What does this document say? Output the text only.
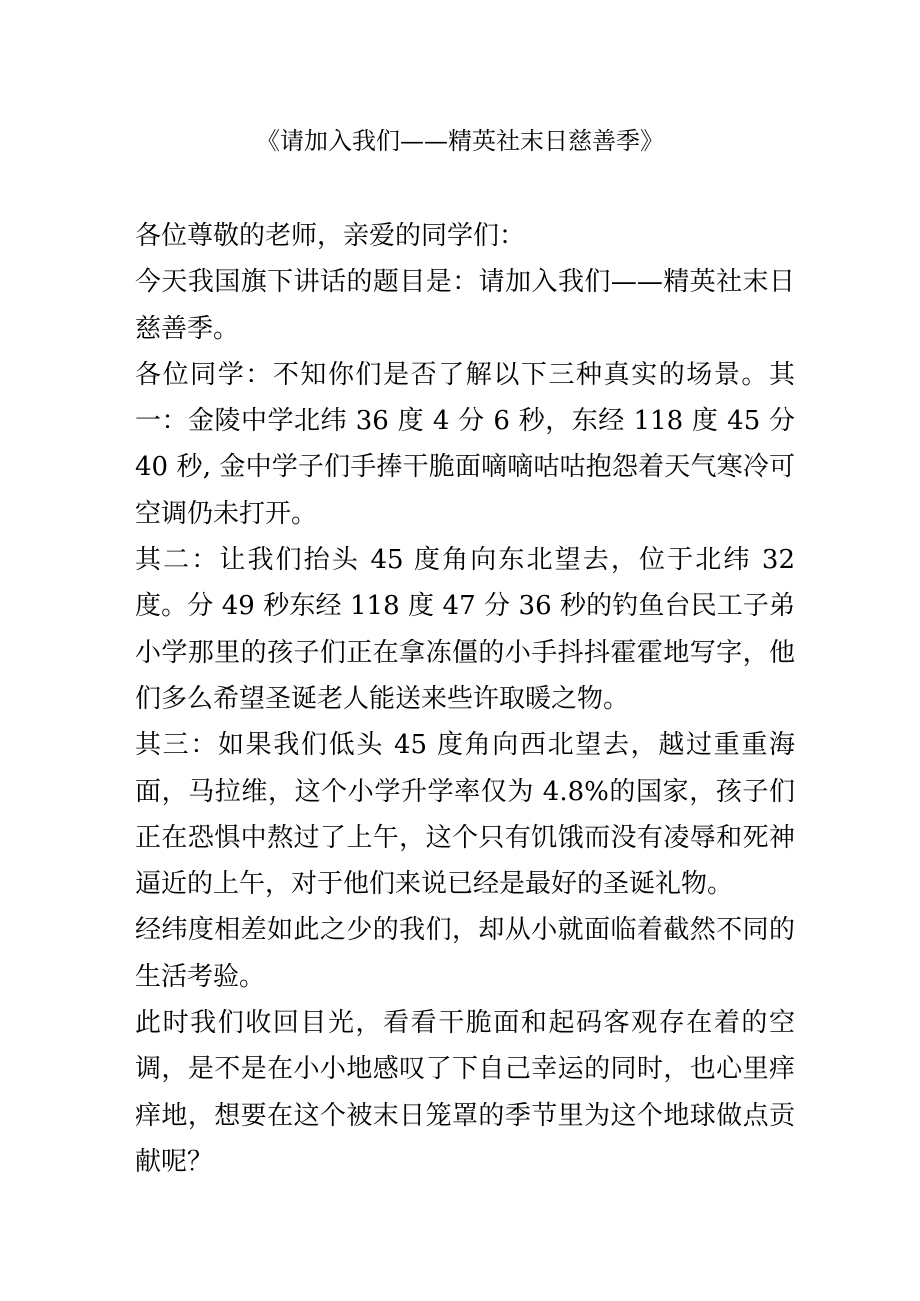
《请加入我们——精英社末日慈善季》

各位尊敬的老师，亲爱的同学们：

今天我国旗下讲话的题目是：请加入我们——精英社末日慈善季。

各位同学：不知你们是否了解以下三种真实的场景。其一：金陵中学北纬 36 度 4 分 6 秒，东经 118 度 45 分 40 秒, 金中学子们手捧干脆面嘀嘀咕咕抱怨着天气寒冷可空调仍未打开。

其二：让我们抬头 45 度角向东北望去，位于北纬 32 度。分 49 秒东经 118 度 47 分 36 秒的钓鱼台民工子弟小学那里的孩子们正在拿冻僵的小手抖抖霍霍地写字，他们多么希望圣诞老人能送来些许取暖之物。

其三：如果我们低头 45 度角向西北望去，越过重重海面，马拉维，这个小学升学率仅为 4.8%的国家，孩子们正在恐惧中熬过了上午，这个只有饥饿而没有凌辱和死神逼近的上午，对于他们来说已经是最好的圣诞礼物。

经纬度相差如此之少的我们，却从小就面临着截然不同的生活考验。

此时我们收回目光，看看干脆面和起码客观存在着的空调，是不是在小小地感叹了下自己幸运的同时，也心里痒痒地，想要在这个被末日笼罩的季节里为这个地球做点贡献呢？
